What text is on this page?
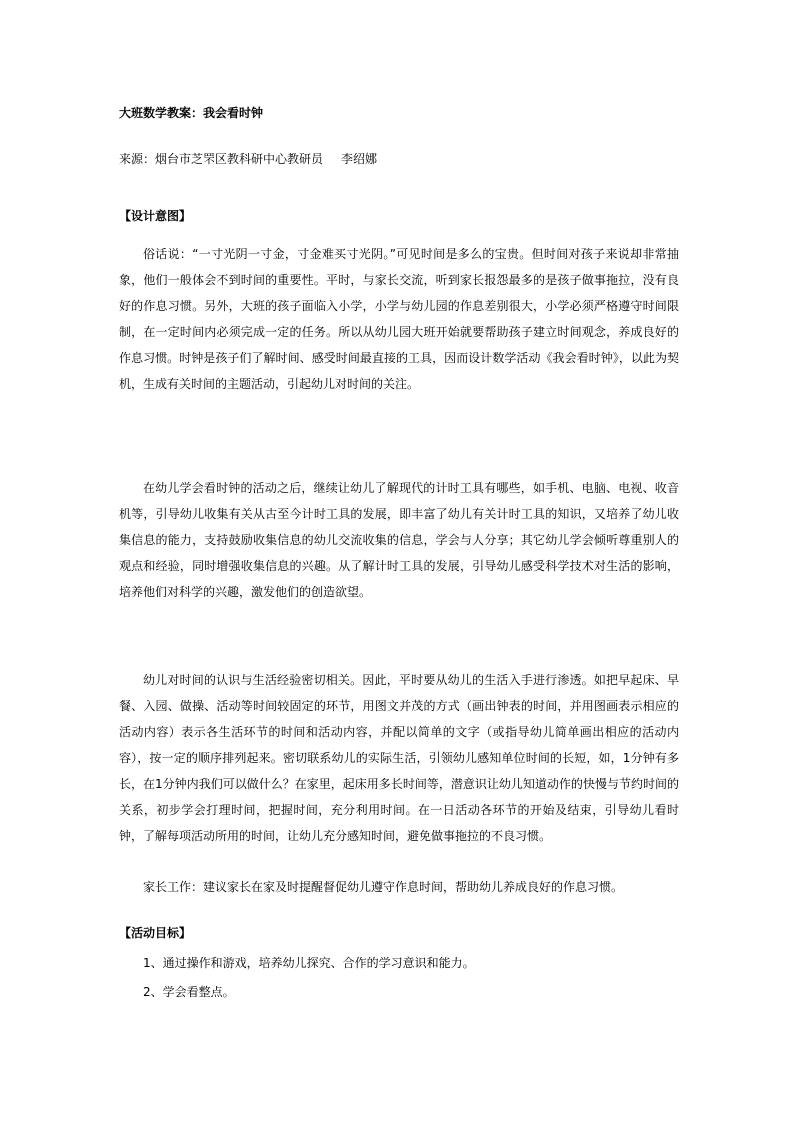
大班数学教案：我会看时钟
来源：烟台市芝罘区教科研中心教研员 李绍娜
【设计意图】

俗话说：“一寸光阴一寸金，寸金难买寸光阴。”可见时间是多么的宝贵。但时间对孩子来说却非常抽象，他们一般体会不到时间的重要性。平时，与家长交流，听到家长报怨最多的是孩子做事拖拉，没有良好的作息习惯。另外，大班的孩子面临入小学，小学与幼儿园的作息差别很大，小学必须严格遵守时间限制，在一定时间内必须完成一定的任务。所以从幼儿园大班开始就要帮助孩子建立时间观念，养成良好的作息习惯。时钟是孩子们了解时间、感受时间最直接的工具，因而设计数学活动《我会看时钟》，以此为契机，生成有关时间的主题活动，引起幼儿对时间的关注。

在幼儿学会看时钟的活动之后，继续让幼儿了解现代的计时工具有哪些，如手机、电脑、电视、收音机等，引导幼儿收集有关从古至今计时工具的发展，即丰富了幼儿有关计时工具的知识，又培养了幼儿收集信息的能力，支持鼓励收集信息的幼儿交流收集的信息，学会与人分享；其它幼儿学会倾听尊重别人的观点和经验，同时增强收集信息的兴趣。从了解计时工具的发展，引导幼儿感受科学技术对生活的影响，培养他们对科学的兴趣，激发他们的创造欲望。

幼儿对时间的认识与生活经验密切相关。因此，平时要从幼儿的生活入手进行渗透。如把早起床、早餐、入园、做操、活动等时间较固定的环节，用图文并茂的方式（画出钟表的时间，并用图画表示相应的活动内容）表示各生活环节的时间和活动内容，并配以简单的文字（或指导幼儿简单画出相应的活动内容），按一定的顺序排列起来。密切联系幼儿的实际生活，引领幼儿感知单位时间的长短，如，1分钟有多长，在1分钟内我们可以做什么？在家里，起床用多长时间等，潜意识让幼儿知道动作的快慢与节约时间的关系，初步学会打理时间，把握时间，充分利用时间。在一日活动各环节的开始及结束，引导幼儿看时钟，了解每项活动所用的时间，让幼儿充分感知时间，避免做事拖拉的不良习惯。

家长工作：建议家长在家及时提醒督促幼儿遵守作息时间，帮助幼儿养成良好的作息习惯。

【活动目标】
1、通过操作和游戏，培养幼儿探究、合作的学习意识和能力。
2、学会看整点。
